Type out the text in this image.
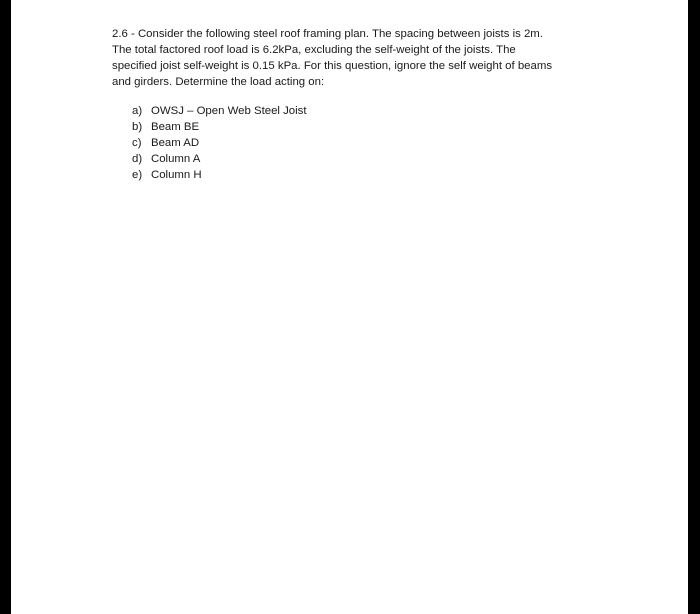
2.6 - Consider the following steel roof framing plan. The spacing between joists is 2m.
The total factored roof load is 6.2kPa, excluding the self-weight of the joists. The
specified joist self-weight is 0.15 kPa. For this question, ignore the self weight of beams
and girders. Determine the load acting on:

a) OWSJ – Open Web Steel Joist
b) Beam BE
c) Beam AD
d) Column A
e) Column H
